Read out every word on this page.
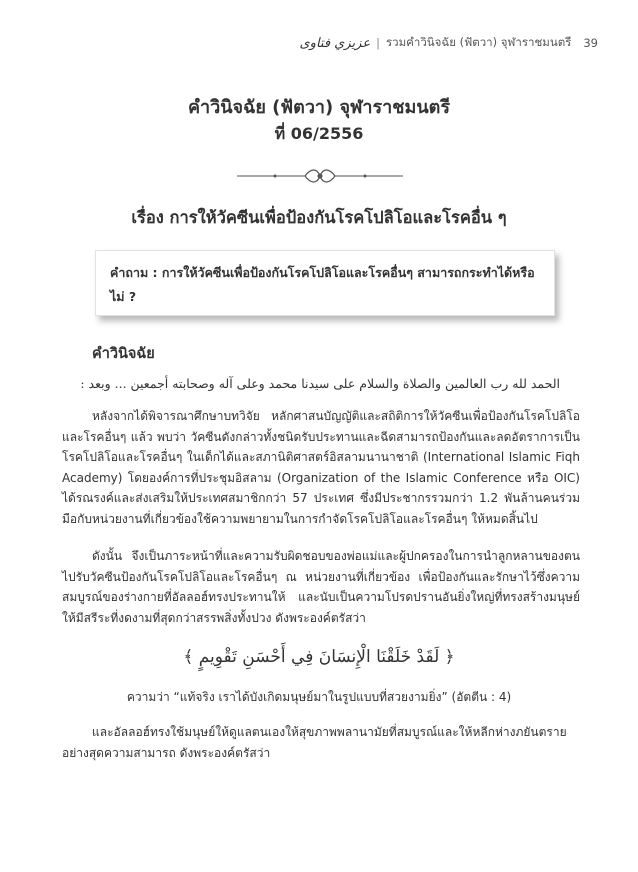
عزيزي فتاوى | รวมคำวินิจฉัย (ฟัตวา) จุฬาราชมนตรี 39
คำวินิจฉัย (ฟัตวา) จุฬาราชมนตรี
ที่ 06/2556
เรื่อง การให้วัคซีนเพื่อป้องกันโรคโปลิโอและโรคอื่น ๆ
คำถาม : การให้วัคซีนเพื่อป้องกันโรคโปลิโอและโรคอื่นๆ สามารถกระทำได้หรือไม่ ?
คำวินิจฉัย
الحمد لله رب العالمين والصلاة والسلام على سيدنا محمد وعلى آله وصحابته أجمعين ... وبعد :

หลังจากได้พิจารณาศึกษาบทวิจัย หลักศาสนบัญญัติและสถิติการให้วัคซีนเพื่อป้องกันโรคโปลิโอและโรคอื่นๆ แล้ว พบว่า วัคซีนดังกล่าวทั้งชนิดรับประทานและฉีดสามารถป้องกันและลดอัตราการเป็นโรคโปลิโอและโรคอื่นๆ ในเด็กได้และสภานิติศาสตร์อิสลามนานาชาติ (International Islamic Fiqh Academy) โดยองค์การที่ประชุมอิสลาม (Organization of the Islamic Conference หรือ OIC) ได้รณรงค์และส่งเสริมให้ประเทศสมาชิกกว่า 57 ประเทศ ซึ่งมีประชากรรวมกว่า 1.2 พันล้านคนร่วมมือกับหน่วยงานที่เกี่ยวข้องใช้ความพยายามในการกำจัดโรคโปลิโอและโรคอื่นๆ ให้หมดสิ้นไป

ดังนั้น จึงเป็นภาระหน้าที่และความรับผิดชอบของพ่อแม่และผู้ปกครองในการนำลูกหลานของตนไปรับวัคซีนป้องกันโรคโปลิโอและโรคอื่นๆ ณ หน่วยงานที่เกี่ยวข้อง เพื่อป้องกันและรักษาไว้ซึ่งความสมบูรณ์ของร่างกายที่อัลลอฮ์ทรงประทานให้ และนับเป็นความโปรดปรานอันยิ่งใหญ่ที่ทรงสร้างมนุษย์ให้มีสรีระที่งดงามที่สุดกว่าสรรพสิ่งทั้งปวง ดังพระองค์ตรัสว่า

﴿ لَقَدْ خَلَقْنَا الْإِنسَانَ فِي أَحْسَنِ تَقْوِيمٍ ﴾
ความว่า “แท้จริง เราได้บังเกิดมนุษย์มาในรูปแบบที่สวยงามยิ่ง” (อัตตีน : 4)

และอัลลอฮ์ทรงใช้มนุษย์ให้ดูแลตนเองให้สุขภาพพลานามัยที่สมบูรณ์และให้หลีกห่างภยันตราย อย่างสุดความสามารถ ดังพระองค์ตรัสว่า
